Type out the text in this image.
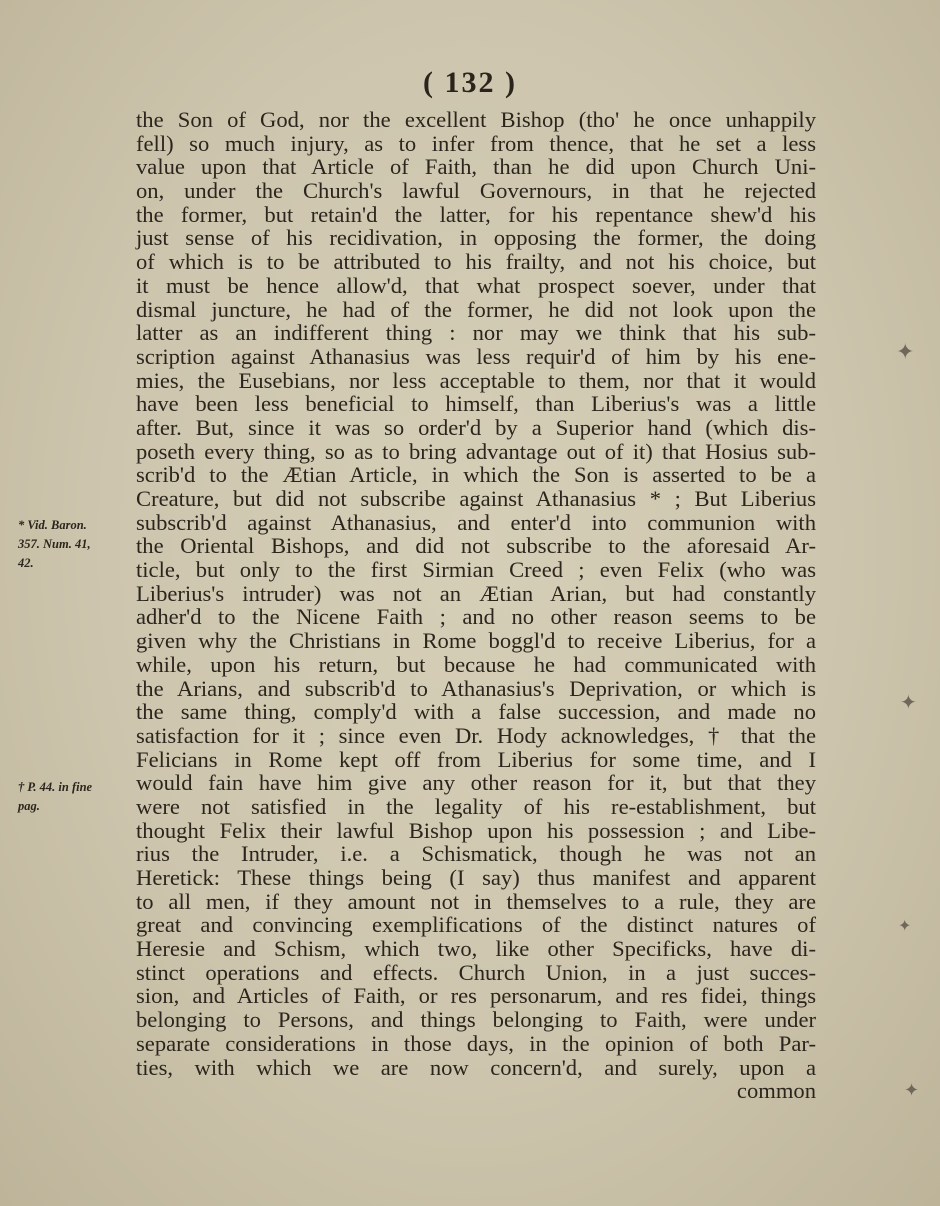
( 132 )
the Son of God, nor the excellent Bishop (tho' he once unhappily
fell) so much injury, as to infer from thence, that he set a less
value upon that Article of Faith, than he did upon Church Uni-
on, under the Church's lawful Governours, in that he rejected
the former, but retain'd the latter, for his repentance shew'd his
just sense of his recidivation, in opposing the former, the doing
of which is to be attributed to his frailty, and not his choice, but
it must be hence allow'd, that what prospect soever, under that
dismal juncture, he had of the former, he did not look upon the
latter as an indifferent thing : nor may we think that his sub-
scription against Athanasius was less requir'd of him by his ene-
mies, the Eusebians, nor less acceptable to them, nor that it would
have been less beneficial to himself, than Liberius's was a little
after. But, since it was so order'd by a Superior hand (which dis-
poseth every thing, so as to bring advantage out of it) that Hosius sub-
scrib'd to the Ætian Article, in which the Son is asserted to be a
Creature, but did not subscribe against Athanasius * ; But Liberius
subscrib'd against Athanasius, and enter'd into communion with
the Oriental Bishops, and did not subscribe to the aforesaid Ar-
ticle, but only to the first Sirmian Creed ; even Felix (who was
Liberius's intruder) was not an Ætian Arian, but had constantly
adher'd to the Nicene Faith ; and no other reason seems to be
given why the Christians in Rome boggl'd to receive Liberius, for a
while, upon his return, but because he had communicated with
the Arians, and subscrib'd to Athanasius's Deprivation, or which is
the same thing, comply'd with a false succession, and made no
satisfaction for it ; since even Dr. Hody acknowledges, † that the
Felicians in Rome kept off from Liberius for some time, and I
would fain have him give any other reason for it, but that they
were not satisfied in the legality of his re-establishment, but
thought Felix their lawful Bishop upon his possession ; and Libe-
rius the Intruder, i.e. a Schismatick, though he was not an
Heretick: These things being (I say) thus manifest and apparent
to all men, if they amount not in themselves to a rule, they are
great and convincing exemplifications of the distinct natures of
Heresie and Schism, which two, like other Specificks, have di-
stinct operations and effects. Church Union, in a just succes-
sion, and Articles of Faith, or res personarum, and res fidei, things
belonging to Persons, and things belonging to Faith, were under
separate considerations in those days, in the opinion of both Par-
ties, with which we are now concern'd, and surely, upon a
common
* Vid. Baron.
357. Num. 41,
42.
† P. 44. in fine
pag.
✦
✦
✦
✦
